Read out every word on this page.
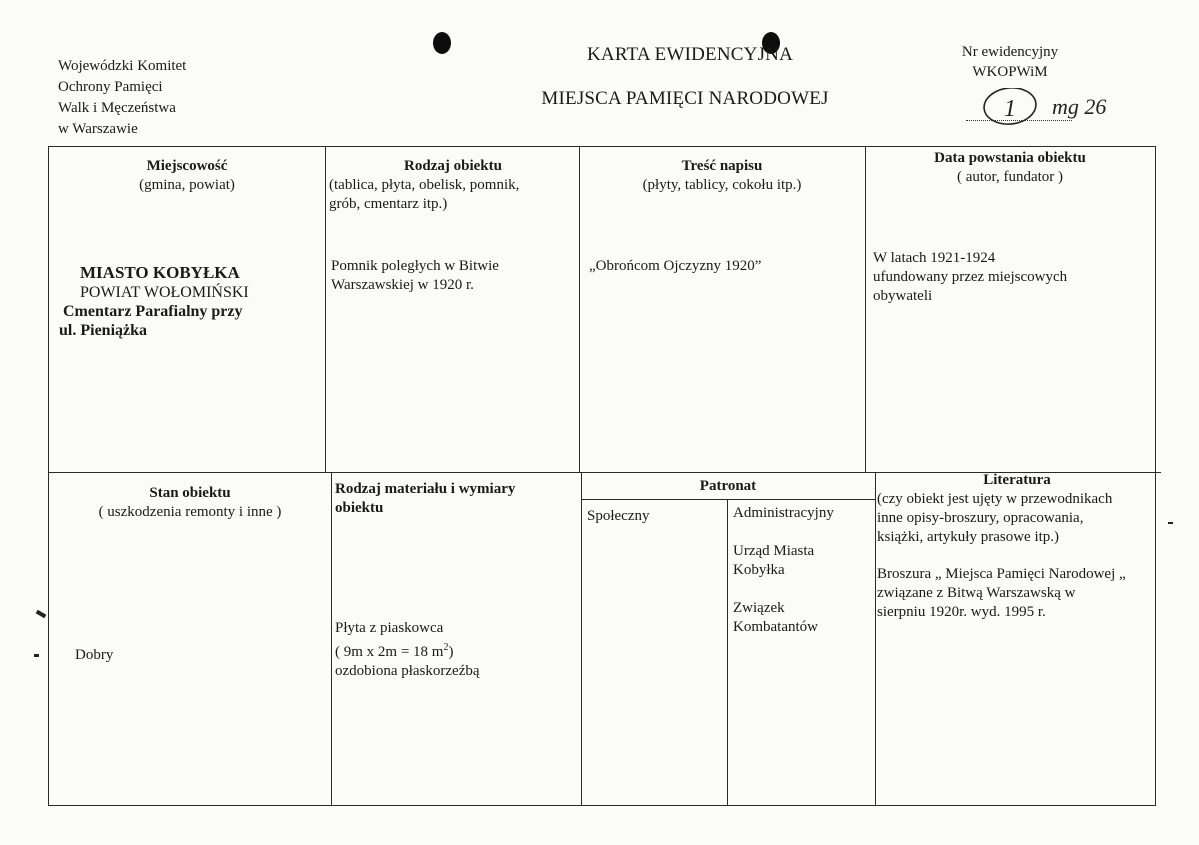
Wojewódzki Komitet
Ochrony Pamięci
Walk i Męczeństwa
w Warszawie
KARTA EWIDENCYJNA
MIEJSCA PAMIĘCI NARODOWEJ
Nr ewidencyjny
WKOPWiM
1 mg 26
Miejscowość
(gmina, powiat)
MIASTO KOBYŁKA
POWIAT WOŁOMIŃSKI
Cmentarz Parafialny przy
ul. Pieniążka
Rodzaj obiektu
(tablica, płyta, obelisk, pomnik,
grób, cmentarz itp.)
Pomnik poległych w Bitwie
Warszawskiej w 1920 r.
Treść napisu
(płyty, tablicy, cokołu itp.)
„Obrońcom Ojczyzny 1920”
Data powstania obiektu
( autor, fundator )
W latach 1921-1924
ufundowany przez miejscowych
obywateli
Stan obiektu
( uszkodzenia remonty i inne )
Dobry
Rodzaj materiału i wymiary
obiektu
Płyta z piaskowca
( 9m x 2m = 18 $m^2$)
ozdobiona płaskorzeźbą
Patronat
Społeczny	Administracyjny
Urząd Miasta
Kobyłka
Związek
Kombatantów
Literatura
(czy obiekt jest ujęty w przewodnikach
inne opisy-broszury, opracowania,
książki, artykuły prasowe itp.)
Broszura „ Miejsca Pamięci Narodowej „
związane z Bitwą Warszawską w
sierpniu 1920r. wyd. 1995 r.
